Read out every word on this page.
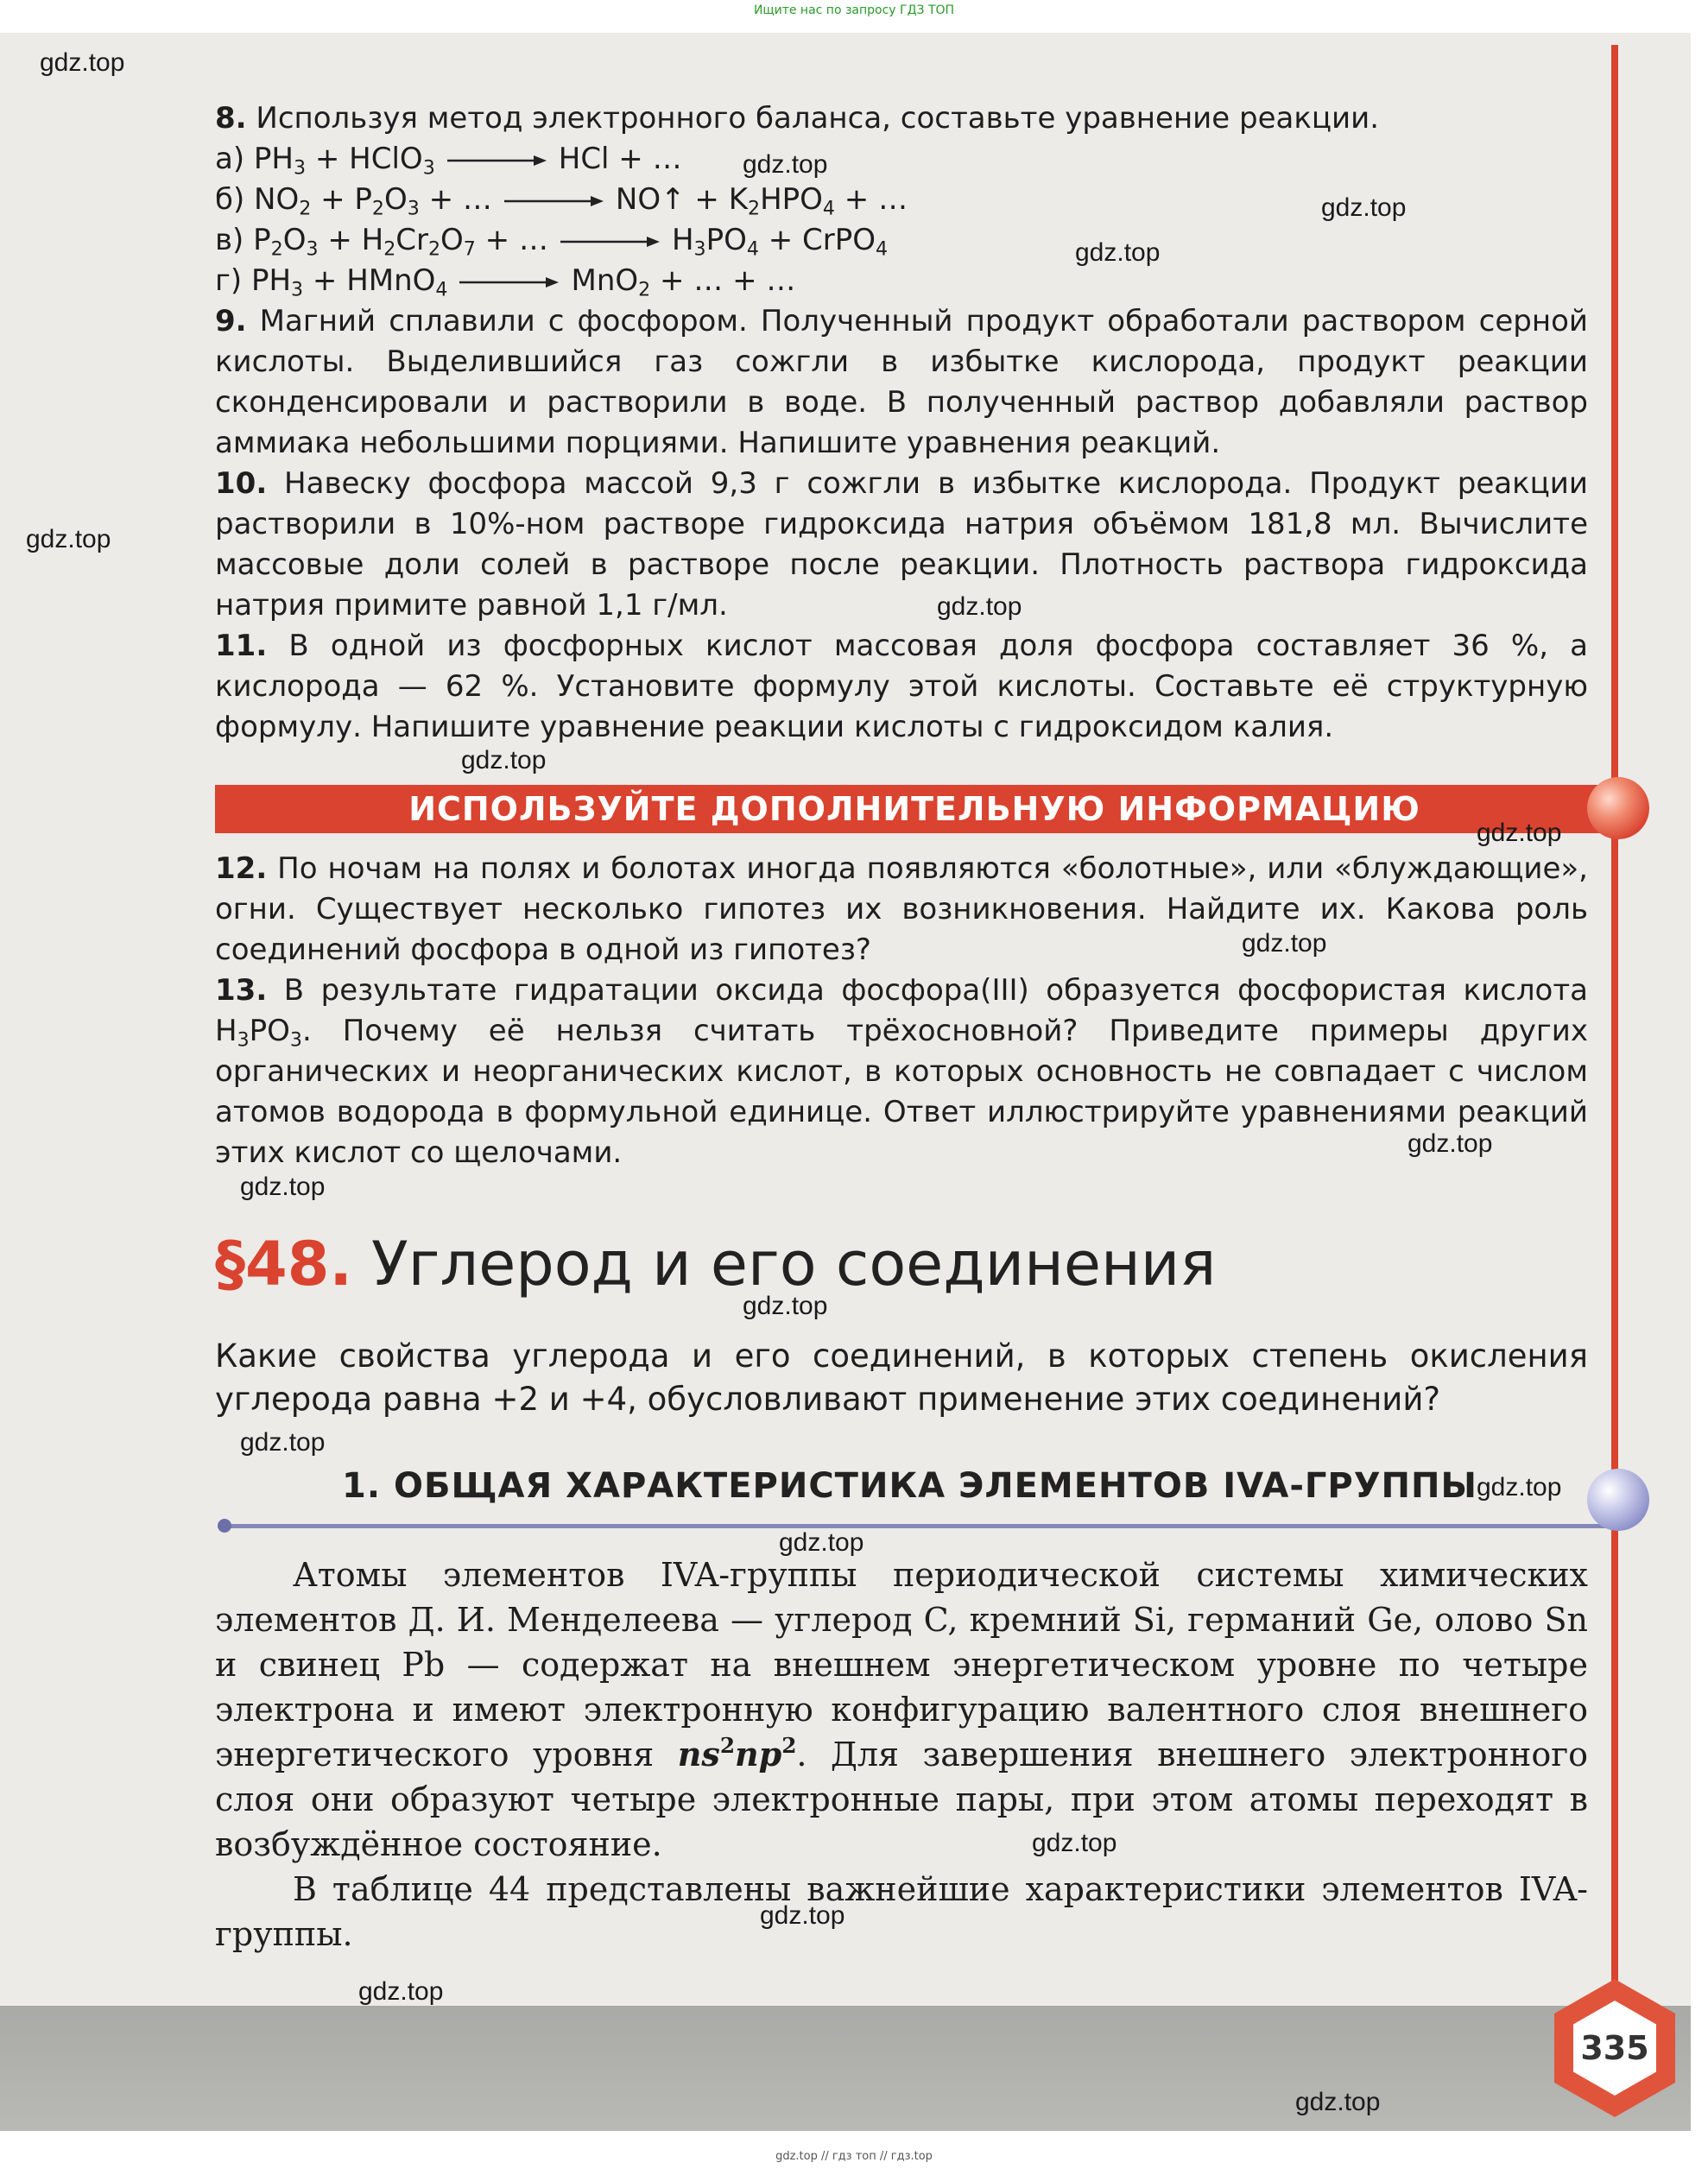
Ищите нас по запросу ГДЗ ТОП
8. Используя метод электронного баланса, составьте уравнение реакции.
а) $PH_3$ + HClO$_3$	HCl + …
б) $NO_2 + P_2O_3$ + …	NO↑ + $K_2HPO_4$ + …
в) $P_2O_3 + H_2Cr_2O_7$ + …	$H_3PO_4$ + CrPO$_4$
г) $PH_3$ + HMnO$_4$	MnO$_2$ + … + …
9. Магний сплавили с фосфором. Полученный продукт обработали раствором серной кислоты. Выделившийся газ сожгли в избытке кислорода, продукт реакции сконденсировали и растворили в воде. В полученный раствор добавляли раствор аммиака небольшими порциями. Напишите уравнения реакций.
10. Навеску фосфора массой 9,3 г сожгли в избытке кислорода. Продукт реакции растворили в 10%-ном растворе гидроксида натрия объёмом 181,8 мл. Вычислите массовые доли солей в растворе после реакции. Плотность раствора гидроксида натрия примите равной 1,1 г/мл.
11. В одной из фосфорных кислот массовая доля фосфора составляет 36 %, а кислорода — 62 %. Установите формулу этой кислоты. Составьте её структурную формулу. Напишите уравнение реакции кислоты с гидроксидом калия.
ИСПОЛЬЗУЙТЕ ДОПОЛНИТЕЛЬНУЮ ИНФОРМАЦИЮ
12. По ночам на полях и болотах иногда появляются «болотные», или «блуждающие», огни. Существует несколько гипотез их возникновения. Найдите их. Какова роль соединений фосфора в одной из гипотез?
13. В результате гидратации оксида фосфора(III) образуется фосфористая кислота $H_3PO_3$. Почему её нельзя считать трёхосновной? Приведите примеры других органических и неорганических кислот, в которых основность не совпадает с числом атомов водорода в формульной единице. Ответ иллюстрируйте уравнениями реакций этих кислот со щелочами.
§48. Углерод и его соединения
Какие свойства углерода и его соединений, в которых степень окисления углерода равна +2 и +4, обусловливают применение этих соединений?
1. ОБЩАЯ ХАРАКТЕРИСТИКА ЭЛЕМЕНТОВ IVA-ГРУППЫ
Атомы элементов IVA-группы периодической системы химических элементов Д. И. Менделеева — углерод C, кремний Si, германий Ge, олово Sn и свинец Pb — содержат на внешнем энергетическом уровне по четыре электрона и имеют электронную конфигурацию валентного слоя внешнего энергетического уровня $ns^2np^2$. Для завершения внешнего электронного слоя они образуют четыре электронные пары, при этом атомы переходят в возбуждённое состояние.
В таблице 44 представлены важнейшие характеристики элементов IVA-группы.
335
gdz.top
gdz.top
gdz.top
gdz.top
gdz.top
gdz.top
gdz.top
gdz.top
gdz.top
gdz.top
gdz.top
gdz.top
gdz.top
gdz.top
gdz.top
gdz.top
gdz.top
gdz.top
gdz.top
gdz.top // гдз топ // гдз.top
